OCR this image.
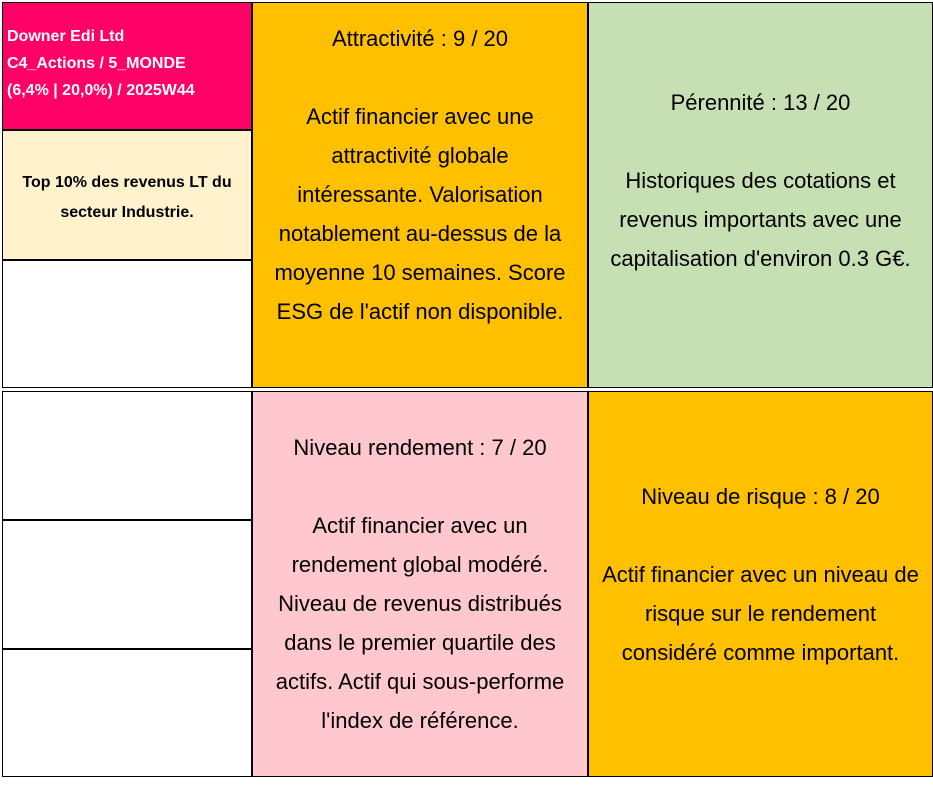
Downer Edi Ltd
C4_Actions / 5_MONDE
(6,4% | 20,0%) / 2025W44
Top 10% des revenus LT du
secteur Industrie.
Attractivité : 9 / 20
Actif financier avec une
attractivité globale
intéressante. Valorisation
notablement au-dessus de la
moyenne 10 semaines. Score
ESG de l'actif non disponible.
Pérennité : 13 / 20
Historiques des cotations et
revenus importants avec une
capitalisation d'environ 0.3 G€.
Niveau rendement : 7 / 20
Actif financier avec un
rendement global modéré.
Niveau de revenus distribués
dans le premier quartile des
actifs. Actif qui sous-performe
l'index de référence.
Niveau de risque : 8 / 20
Actif financier avec un niveau de
risque sur le rendement
considéré comme important.
